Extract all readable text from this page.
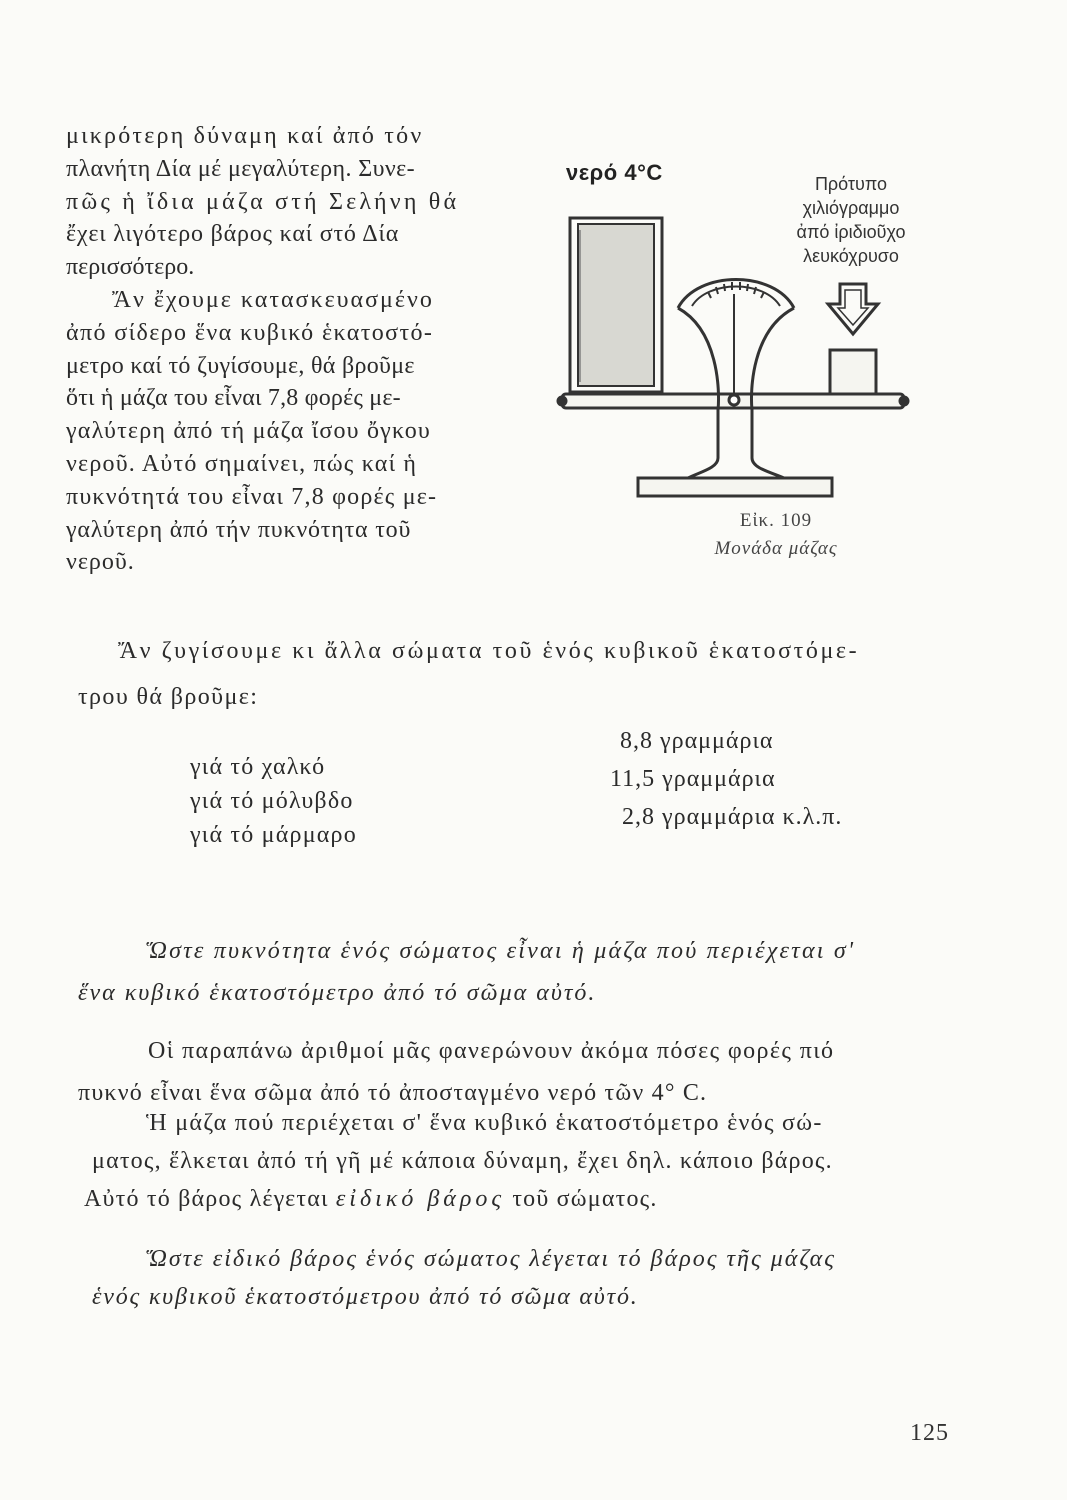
μικρότερη δύναμη καί ἀπό τόν
πλανήτη Δία μέ μεγαλύτερη. Συνε-
πῶς ἡ ἴδια μάζα στή Σελήνη θά
ἔχει λιγότερο βάρος καί στό Δία
περισσότερο.
Ἄν ἔχουμε κατασκευασμένο
ἀπό σίδερο ἕνα κυβικό ἑκατοστό-
μετρο καί τό ζυγίσουμε, θά βροῦμε
ὅτι ἡ μάζα του εἶναι 7,8 φορές με-
γαλύτερη ἀπό τή μάζα ἴσου ὄγκου
νεροῦ. Αὐτό σημαίνει, πώς καί ἡ
πυκνότητά του εἶναι 7,8 φορές με-
γαλύτερη ἀπό τήν πυκνότητα τοῦ
νεροῦ.
νερό 4°C	Πρότυπο
χιλιόγραμμο
ἀπό ἰριδιοῦχο
λευκόχρυσο
Εἰκ. 109
Μονάδα μάζας
Ἄν ζυγίσουμε κι ἄλλα σώματα τοῦ ἑνός κυβικοῦ ἑκατοστόμε-
τρου θά βροῦμε:
γιά τό χαλκό
8,8 γραμμάρια
γιά τό μόλυβδο
11,5 γραμμάρια
γιά τό μάρμαρο
2,8 γραμμάρια κ.λ.π.
Ὥστε πυκνότητα ἑνός σώματος εἶναι ἡ μάζα πού περιέχεται σ'
ἕνα κυβικό ἑκατοστόμετρο ἀπό τό σῶμα αὐτό.
Οἱ παραπάνω ἀριθμοί μᾶς φανερώνουν ἀκόμα πόσες φορές πιό
πυκνό εἶναι ἕνα σῶμα ἀπό τό ἀποσταγμένο νερό τῶν 4° C.
Ἡ μάζα πού περιέχεται σ' ἕνα κυβικό ἑκατοστόμετρο ἑνός σώ-
ματος, ἕλκεται ἀπό τή γῆ μέ κάποια δύναμη, ἔχει δηλ. κάποιο βάρος.
Αὐτό τό βάρος λέγεται εἰδικό βάρος τοῦ σώματος.
Ὥστε εἰδικό βάρος ἑνός σώματος λέγεται τό βάρος τῆς μάζας
ἑνός κυβικοῦ ἑκατοστόμετρου ἀπό τό σῶμα αὐτό.
125
